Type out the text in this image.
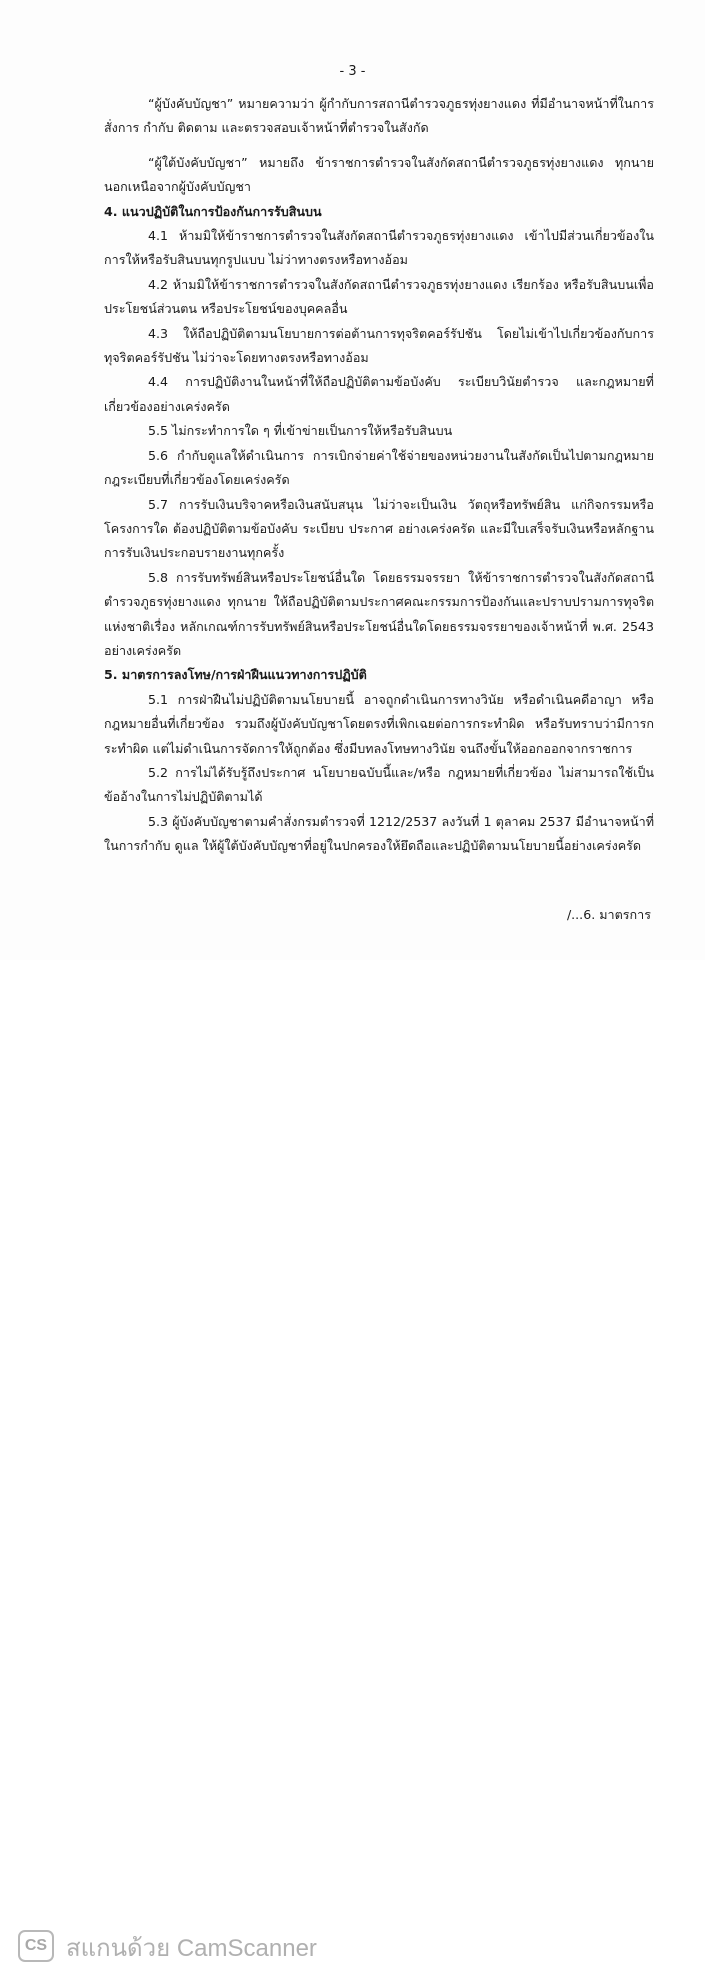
- 3 -

“ผู้บังคับบัญชา” หมายความว่า ผู้กำกับการสถานีตำรวจภูธรทุ่งยางแดง ที่มีอำนาจหน้าที่ในการสั่งการ กำกับ ติดตาม และตรวจสอบเจ้าหน้าที่ตำรวจในสังกัด

“ผู้ใต้บังคับบัญชา” หมายถึง ข้าราชการตำรวจในสังกัดสถานีตำรวจภูธรทุ่งยางแดง ทุกนาย นอกเหนือจากผู้บังคับบัญชา

4. แนวปฏิบัติในการป้องกันการรับสินบน

4.1 ห้ามมิให้ข้าราชการตำรวจในสังกัดสถานีตำรวจภูธรทุ่งยางแดง เข้าไปมีส่วนเกี่ยวข้องในการให้หรือรับสินบนทุกรูปแบบ ไม่ว่าทางตรงหรือทางอ้อม

4.2 ห้ามมิให้ข้าราชการตำรวจในสังกัดสถานีตำรวจภูธรทุ่งยางแดง เรียกร้อง หรือรับสินบนเพื่อประโยชน์ส่วนตน หรือประโยชน์ของบุคคลอื่น

4.3 ให้ถือปฏิบัติตามนโยบายการต่อต้านการทุจริตคอร์รัปชัน โดยไม่เข้าไปเกี่ยวข้องกับการทุจริตคอร์รัปชัน ไม่ว่าจะโดยทางตรงหรือทางอ้อม

4.4 การปฏิบัติงานในหน้าที่ให้ถือปฏิบัติตามข้อบังคับ ระเบียบวินัยตำรวจ และกฎหมายที่เกี่ยวข้องอย่างเคร่งครัด

5.5 ไม่กระทำการใด ๆ ที่เข้าข่ายเป็นการให้หรือรับสินบน

5.6 กำกับดูแลให้ดำเนินการ การเบิกจ่ายค่าใช้จ่ายของหน่วยงานในสังกัดเป็นไปตามกฎหมาย กฎระเบียบที่เกี่ยวข้องโดยเคร่งครัด

5.7 การรับเงินบริจาคหรือเงินสนับสนุน ไม่ว่าจะเป็นเงิน วัตถุหรือทรัพย์สิน แก่กิจกรรมหรือโครงการใด ต้องปฏิบัติตามข้อบังคับ ระเบียบ ประกาศ อย่างเคร่งครัด และมีใบเสร็จรับเงินหรือหลักฐานการรับเงินประกอบรายงานทุกครั้ง

5.8 การรับทรัพย์สินหรือประโยชน์อื่นใด โดยธรรมจรรยา ให้ข้าราชการตำรวจในสังกัดสถานีตำรวจภูธรทุ่งยางแดง ทุกนาย ให้ถือปฏิบัติตามประกาศคณะกรรมการป้องกันและปราบปรามการทุจริตแห่งชาติเรื่อง หลักเกณฑ์การรับทรัพย์สินหรือประโยชน์อื่นใดโดยธรรมจรรยาของเจ้าหน้าที่ พ.ศ. 2543 อย่างเคร่งครัด

5. มาตรการลงโทษ/การฝ่าฝืนแนวทางการปฏิบัติ

5.1 การฝ่าฝืนไม่ปฏิบัติตามนโยบายนี้ อาจถูกดำเนินการทางวินัย หรือดำเนินคดีอาญา หรือกฎหมายอื่นที่เกี่ยวข้อง รวมถึงผู้บังคับบัญชาโดยตรงที่เพิกเฉยต่อการกระทำผิด หรือรับทราบว่ามีการกระทำผิด แต่ไม่ดำเนินการจัดการให้ถูกต้อง ซึ่งมีบทลงโทษทางวินัย จนถึงขั้นให้ออกออกจากราชการ

5.2 การไม่ได้รับรู้ถึงประกาศ นโยบายฉบับนี้และ/หรือ กฎหมายที่เกี่ยวข้อง ไม่สามารถใช้เป็นข้ออ้างในการไม่ปฏิบัติตามได้

5.3 ผู้บังคับบัญชาตามคำสั่งกรมตำรวจที่ 1212/2537 ลงวันที่ 1 ตุลาคม 2537 มีอำนาจหน้าที่ในการกำกับ ดูแล ให้ผู้ใต้บังคับบัญชาที่อยู่ในปกครองให้ยึดถือและปฏิบัติตามนโยบายนี้อย่างเคร่งครัด

/...6. มาตรการ
CS สแกนด้วย CamScanner
